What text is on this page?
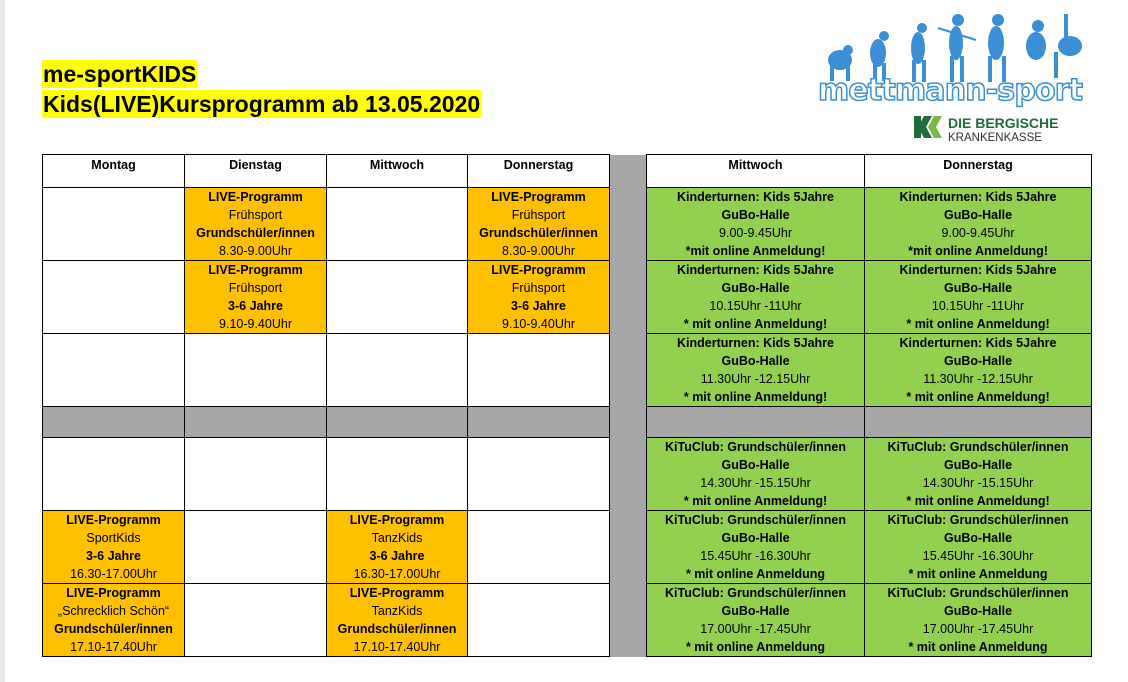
me-sportKIDS
Kids(LIVE)Kursprogramm ab 13.05.2020	mettmann-sport
DIE BERGISCHE
KRANKENKASSE
Montag	Dienstag	Mittwoch	Donnerstag		Mittwoch	Donnerstag

	LIVE-Programm
Frühsport
Grundschüler/innen
8.30-9.00Uhr		LIVE-Programm
Frühsport
Grundschüler/innen
8.30-9.00Uhr		Kinderturnen: Kids 5Jahre
GuBo-Halle
9.00-9.45Uhr
*mit online Anmeldung!	Kinderturnen: Kids 5Jahre
GuBo-Halle
9.00-9.45Uhr
*mit online Anmeldung!

	LIVE-Programm
Frühsport
3-6 Jahre
9.10-9.40Uhr		LIVE-Programm
Frühsport
3-6 Jahre
9.10-9.40Uhr		Kinderturnen: Kids 5Jahre
GuBo-Halle
10.15Uhr -11Uhr
* mit online Anmeldung!	Kinderturnen: Kids 5Jahre
GuBo-Halle
10.15Uhr -11Uhr
* mit online Anmeldung!

					Kinderturnen: Kids 5Jahre
GuBo-Halle
11.30Uhr -12.15Uhr
* mit online Anmeldung!	Kinderturnen: Kids 5Jahre
GuBo-Halle
11.30Uhr -12.15Uhr
* mit online Anmeldung!

					KiTuClub: Grundschüler/innen
GuBo-Halle
14.30Uhr -15.15Uhr
* mit online Anmeldung!	KiTuClub: Grundschüler/innen
GuBo-Halle
14.30Uhr -15.15Uhr
* mit online Anmeldung!

LIVE-Programm
SportKids
3-6 Jahre
16.30-17.00Uhr		LIVE-Programm
TanzKids
3-6 Jahre
16.30-17.00Uhr			KiTuClub: Grundschüler/innen
GuBo-Halle
15.45Uhr -16.30Uhr
* mit online Anmeldung	KiTuClub: Grundschüler/innen
GuBo-Halle
15.45Uhr -16.30Uhr
* mit online Anmeldung

LIVE-Programm
„Schrecklich Schön“
Grundschüler/innen
17.10-17.40Uhr		LIVE-Programm
TanzKids
Grundschüler/innen
17.10-17.40Uhr			KiTuClub: Grundschüler/innen
GuBo-Halle
17.00Uhr -17.45Uhr
* mit online Anmeldung	KiTuClub: Grundschüler/innen
GuBo-Halle
17.00Uhr -17.45Uhr
* mit online Anmeldung
